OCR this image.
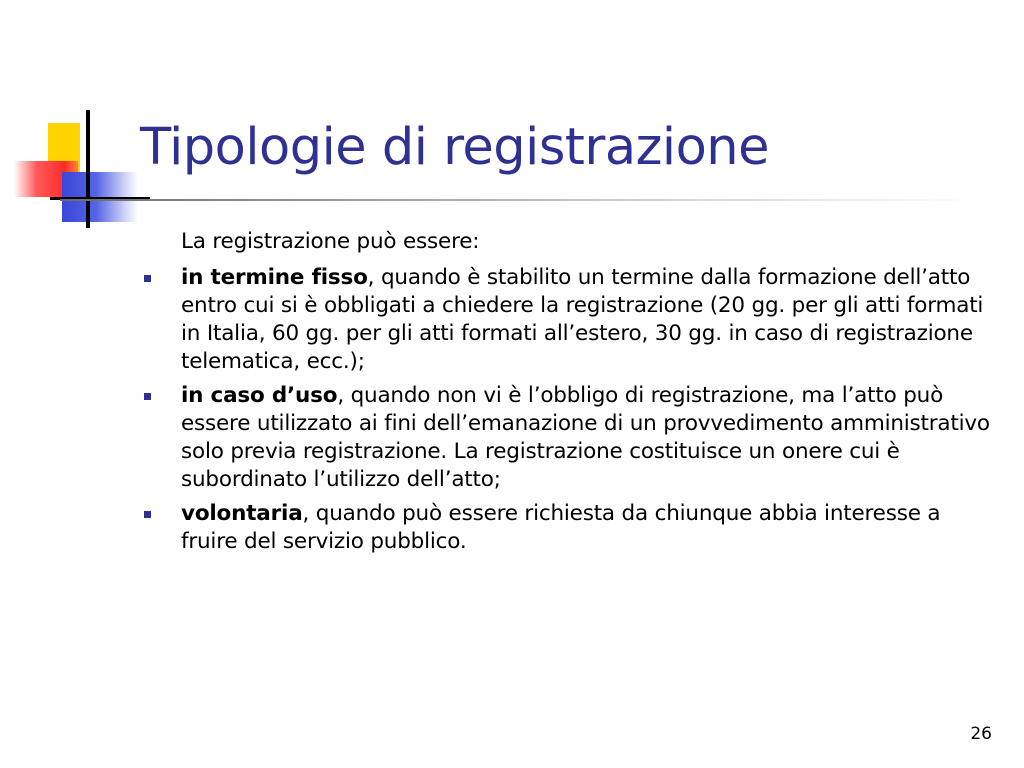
Tipologie di registrazione

La registrazione può essere:

in termine fisso, quando è stabilito un termine dalla formazione dell’atto entro cui si è obbligati a chiedere la registrazione (20 gg. per gli atti formati in Italia, 60 gg. per gli atti formati all’estero, 30 gg. in caso di registrazione telematica, ecc.);
in caso d’uso, quando non vi è l’obbligo di registrazione, ma l’atto può essere utilizzato ai fini dell’emanazione di un provvedimento amministrativo solo previa registrazione. La registrazione costituisce un onere cui è subordinato l’utilizzo dell’atto;
volontaria, quando può essere richiesta da chiunque abbia interesse a fruire del servizio pubblico.
26
